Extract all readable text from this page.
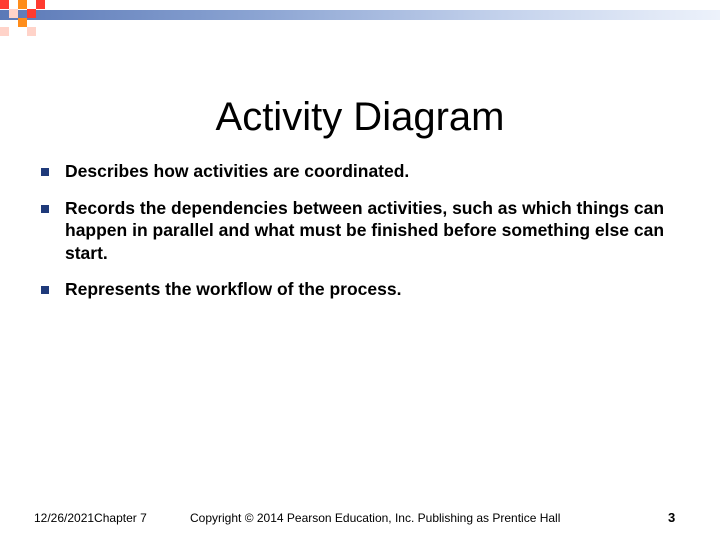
Activity Diagram
Describes how activities are coordinated.
Records the dependencies between activities, such as which things can happen in parallel and what must be finished before something else can start.
Represents the workflow of the process.
12/26/2021Chapter 7	Copyright © 2014 Pearson Education, Inc. Publishing as Prentice Hall	3
